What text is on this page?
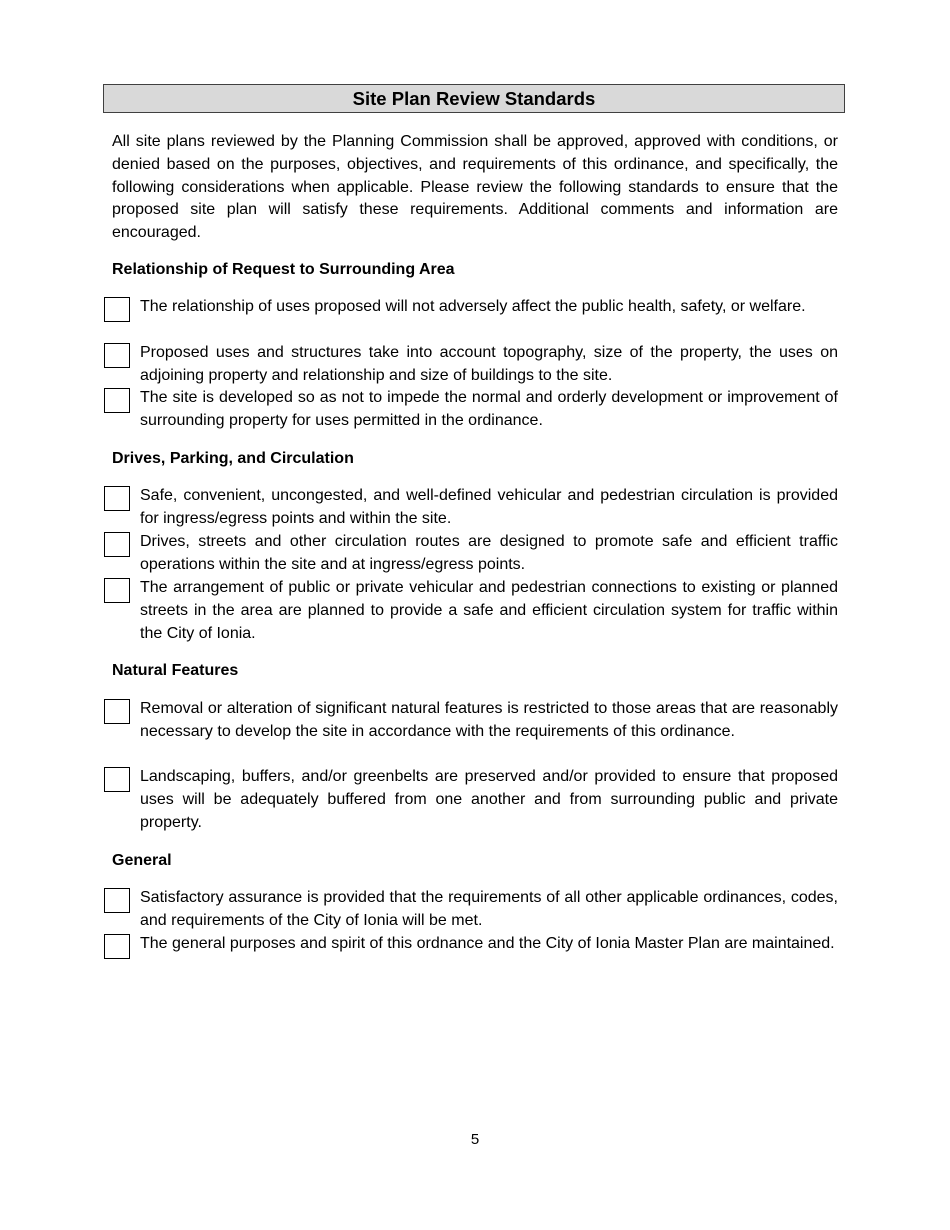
Site Plan Review Standards

All site plans reviewed by the Planning Commission shall be approved, approved with conditions, or denied based on the purposes, objectives, and requirements of this ordinance, and specifically, the following considerations when applicable. Please review the following standards to ensure that the proposed site plan will satisfy these requirements. Additional comments and information are encouraged.

Relationship of Request to Surrounding Area

The relationship of uses proposed will not adversely affect the public health, safety, or welfare.

Proposed uses and structures take into account topography, size of the property, the uses on adjoining property and relationship and size of buildings to the site.

The site is developed so as not to impede the normal and orderly development or improvement of surrounding property for uses permitted in the ordinance.

Drives, Parking, and Circulation

Safe, convenient, uncongested, and well-defined vehicular and pedestrian circulation is provided for ingress/egress points and within the site.

Drives, streets and other circulation routes are designed to promote safe and efficient traffic operations within the site and at ingress/egress points.

The arrangement of public or private vehicular and pedestrian connections to existing or planned streets in the area are planned to provide a safe and efficient circulation system for traffic within the City of Ionia.

Natural Features

Removal or alteration of significant natural features is restricted to those areas that are reasonably necessary to develop the site in accordance with the requirements of this ordinance.

Landscaping, buffers, and/or greenbelts are preserved and/or provided to ensure that proposed uses will be adequately buffered from one another and from surrounding public and private property.

General

Satisfactory assurance is provided that the requirements of all other applicable ordinances, codes, and requirements of the City of Ionia will be met.

The general purposes and spirit of this ordnance and the City of Ionia Master Plan are maintained.

5
